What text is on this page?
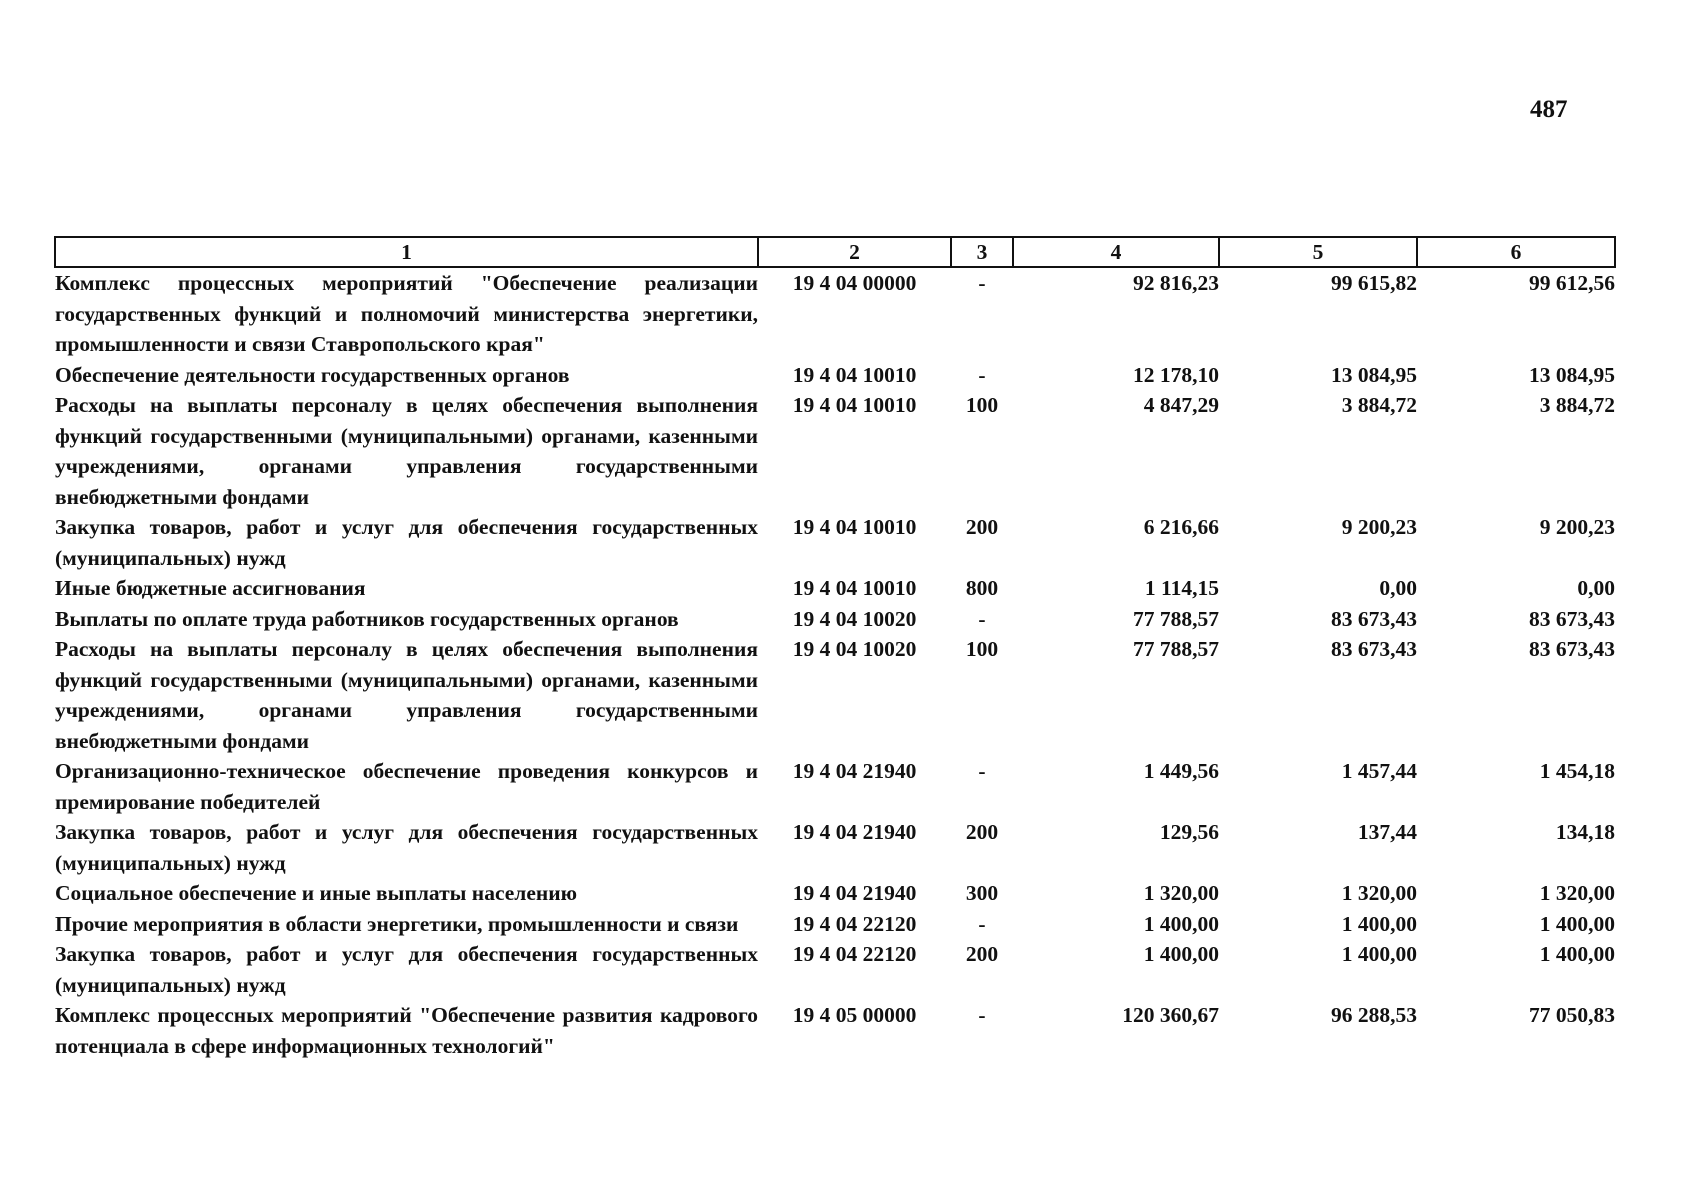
487
1	2	3	4	5	6
Комплекс процессных мероприятий "Обеспечение реализации государственных функций и полномочий министерства энергетики, промышленности и связи Ставропольского края"	19 4 04 00000	-	92 816,23	99 615,82	99 612,56
Обеспечение деятельности государственных органов	19 4 04 10010	-	12 178,10	13 084,95	13 084,95
Расходы на выплаты персоналу в целях обеспечения выполнения функций государственными (муниципальными) органами, казенными учреждениями, органами управления государственными внебюджетными фондами	19 4 04 10010	100	4 847,29	3 884,72	3 884,72
Закупка товаров, работ и услуг для обеспечения государственных (муниципальных) нужд	19 4 04 10010	200	6 216,66	9 200,23	9 200,23
Иные бюджетные ассигнования	19 4 04 10010	800	1 114,15	0,00	0,00
Выплаты по оплате труда работников государственных органов	19 4 04 10020	-	77 788,57	83 673,43	83 673,43
Расходы на выплаты персоналу в целях обеспечения выполнения функций государственными (муниципальными) органами, казенными учреждениями, органами управления государственными внебюджетными фондами	19 4 04 10020	100	77 788,57	83 673,43	83 673,43
Организационно-техническое обеспечение проведения конкурсов и премирование победителей	19 4 04 21940	-	1 449,56	1 457,44	1 454,18
Закупка товаров, работ и услуг для обеспечения государственных (муниципальных) нужд	19 4 04 21940	200	129,56	137,44	134,18
Социальное обеспечение и иные выплаты населению	19 4 04 21940	300	1 320,00	1 320,00	1 320,00
Прочие мероприятия в области энергетики, промышленности и связи	19 4 04 22120	-	1 400,00	1 400,00	1 400,00
Закупка товаров, работ и услуг для обеспечения государственных (муниципальных) нужд	19 4 04 22120	200	1 400,00	1 400,00	1 400,00
Комплекс процессных мероприятий "Обеспечение развития кадрового потенциала в сфере информационных технологий"	19 4 05 00000	-	120 360,67	96 288,53	77 050,83
